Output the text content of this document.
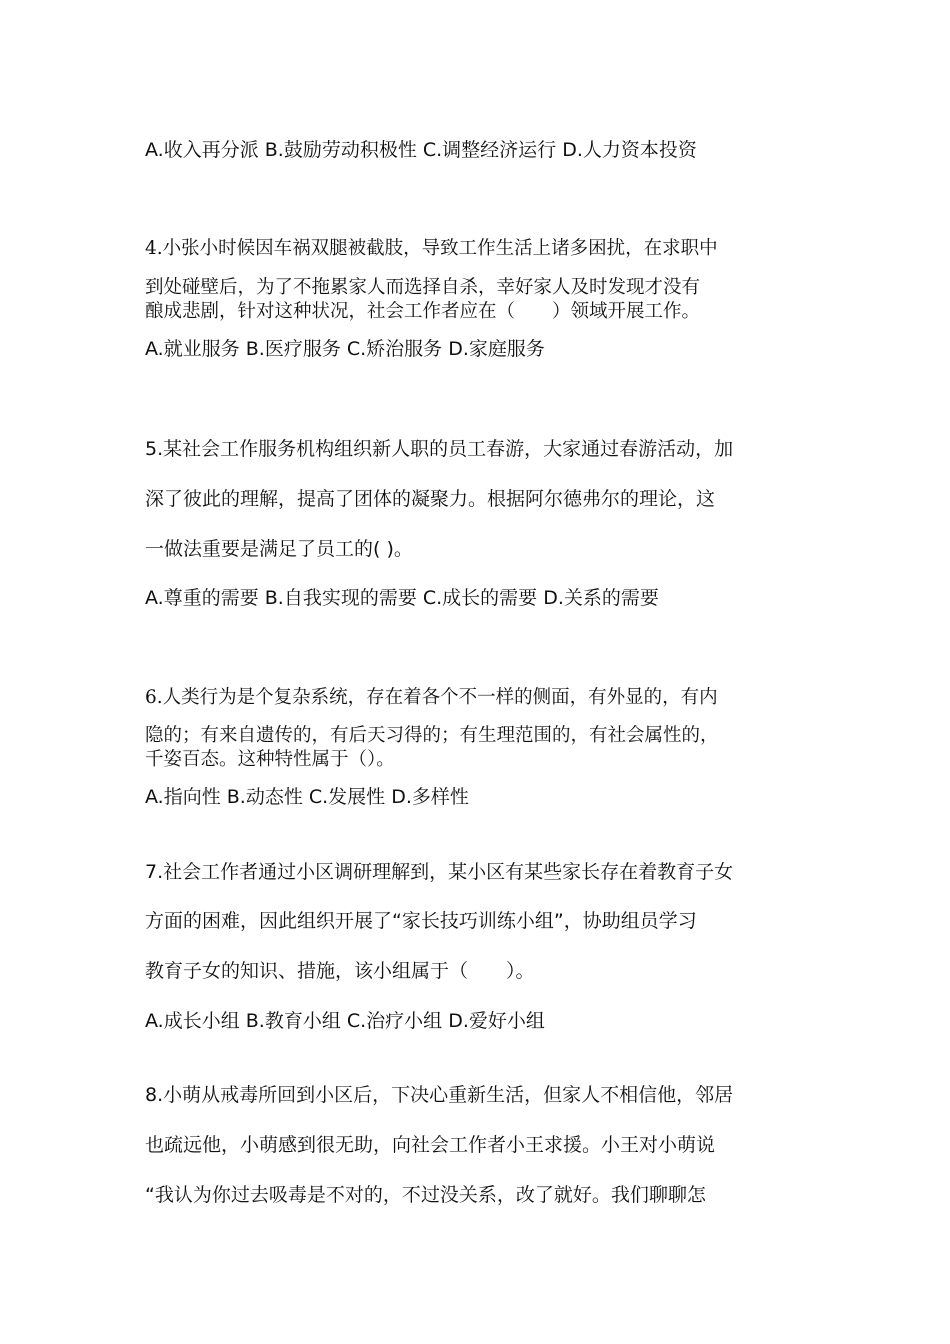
A.收入再分派 B.鼓励劳动积极性 C.调整经济运行 D.人力资本投资
4.小张小时候因车祸双腿被截肢，导致工作生活上诸多困扰，在求职中
到处碰壁后，为了不拖累家人而选择自杀，幸好家人及时发现才没有
酿成悲剧，针对这种状况，社会工作者应在（　　）领域开展工作。
A.就业服务 B.医疗服务 C.矫治服务 D.家庭服务
5.某社会工作服务机构组织新人职的员工春游，大家通过春游活动，加
深了彼此的理解，提高了团体的凝聚力。根据阿尔德弗尔的理论，这
一做法重要是满足了员工的( )。
A.尊重的需要 B.自我实现的需要 C.成长的需要 D.关系的需要
6.人类行为是个复杂系统，存在着各个不一样的侧面，有外显的，有内
隐的；有来自遗传的，有后天习得的；有生理范围的，有社会属性的，
千姿百态。这种特性属于（）。
A.指向性 B.动态性 C.发展性 D.多样性
7.社会工作者通过小区调研理解到，某小区有某些家长存在着教育子女
方面的困难，因此组织开展了“家长技巧训练小组”，协助组员学习
教育子女的知识、措施，该小组属于（　　）。
A.成长小组 B.教育小组 C.治疗小组 D.爱好小组
8.小萌从戒毒所回到小区后，下决心重新生活，但家人不相信他，邻居
也疏远他，小萌感到很无助，向社会工作者小王求援。小王对小萌说
“我认为你过去吸毒是不对的，不过没关系，改了就好。我们聊聊怎
